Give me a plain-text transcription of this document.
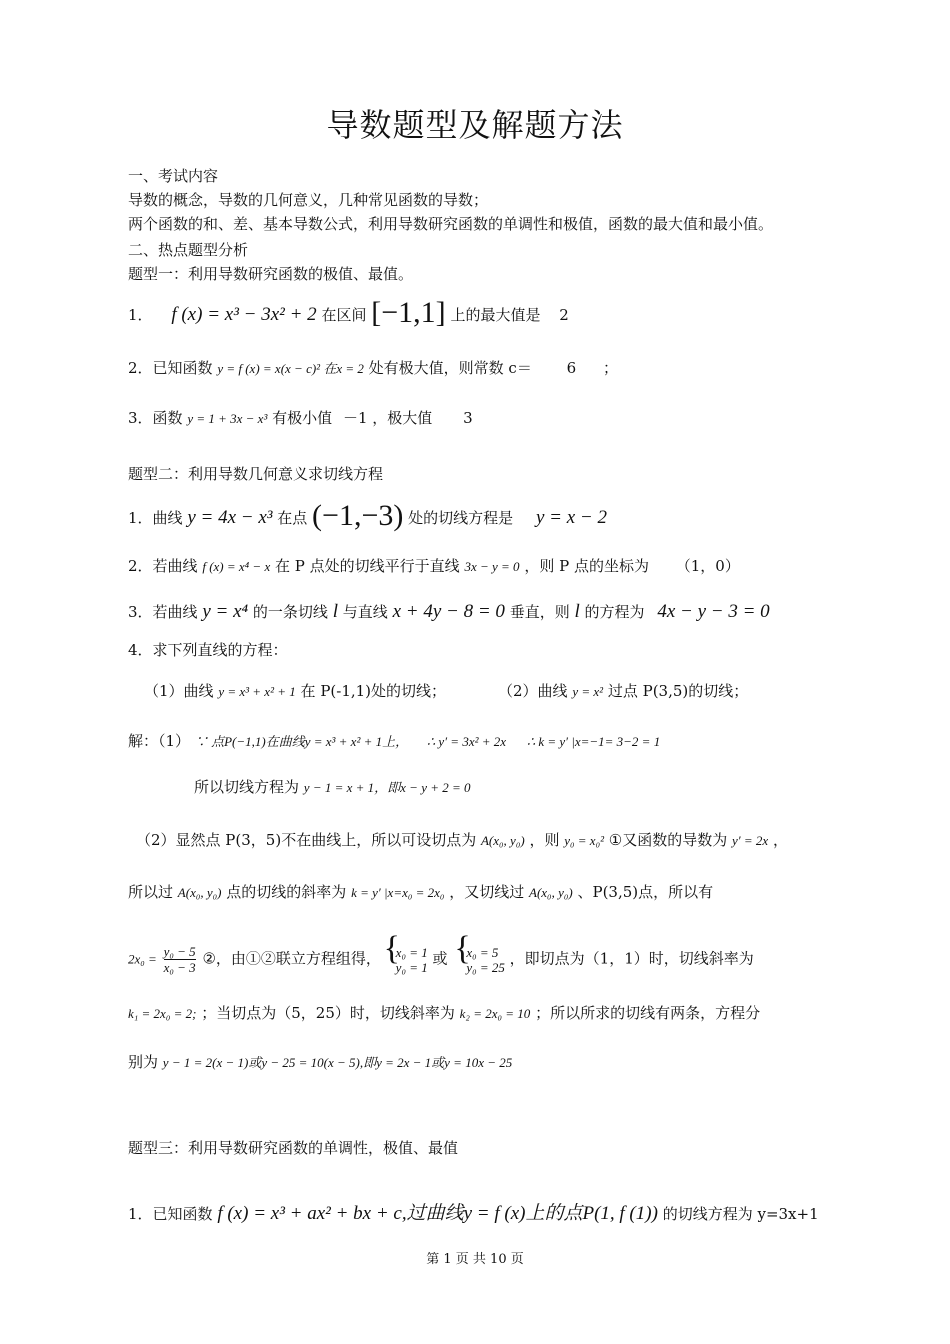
导数题型及解题方法
一、考试内容
导数的概念，导数的几何意义，几种常见函数的导数；
两个函数的和、差、基本导数公式，利用导数研究函数的单调性和极值，函数的最大值和最小值。
二、热点题型分析
题型一：利用导数研究函数的极值、最值。
1． f (x) = x³ − 3x² + 2 在区间 [−1,1] 上的最大值是 2
2．已知函数 y = f (x) = x(x − c)² 在x = 2 处有极大值，则常数 c＝ 6 ；
3．函数 y = 1 + 3x − x³ 有极小值 －1 ，极大值 3
题型二：利用导数几何意义求切线方程
1．曲线 y = 4x − x³ 在点 (−1,−3) 处的切线方程是 y = x − 2
2．若曲线 f (x) = x⁴ − x 在 P 点处的切线平行于直线 3x − y = 0 ，则 P 点的坐标为 （1，0）
3．若曲线 y = x⁴ 的一条切线 l 与直线 x + 4y − 8 = 0 垂直，则 l 的方程为 4x − y − 3 = 0
4．求下列直线的方程：
（1）曲线 y = x³ + x² + 1 在 P(-1,1)处的切线；	（2）曲线 y = x² 过点 P(3,5)的切线；
解：（1） ∵ 点P(−1,1)在曲线y = x³ + x² + 1上， ∴ y′ = 3x² + 2x ∴ k = y′ |x=−1= 3−2 = 1
所以切线方程为 y − 1 = x + 1，即x − y + 2 = 0
（2）显然点 P(3，5)不在曲线上，所以可设切点为 A(x₀, y₀) ，则 y₀ = x₀² ①又函数的导数为 y′ = 2x ，
所以过 A(x₀, y₀) 点的切线的斜率为 k = y′ |x=x₀ = 2x₀ ，又切线过 A(x₀, y₀) 、P(3,5)点，所以有
$2x_0 = \frac{\text{y₀ − 5}}{\text{x₀ − 3}}$ ②，由①②联立方程组得， { x₀ = 1
y₀ = 1 或 { x₀ = 5
y₀ = 25 ，即切点为（1，1）时，切线斜率为
k₁ = 2x₀ = 2; ；当切点为（5，25）时，切线斜率为 k₂ = 2x₀ = 10 ；所以所求的切线有两条，方程分
别为 y − 1 = 2(x − 1)或y − 25 = 10(x − 5),即y = 2x − 1或y = 10x − 25
题型三：利用导数研究函数的单调性，极值、最值
1．已知函数 f (x) = x³ + ax² + bx + c,过曲线y = f (x)上的点P(1, f (1)) 的切线方程为 y=3x+1
第 1 页 共 10 页
